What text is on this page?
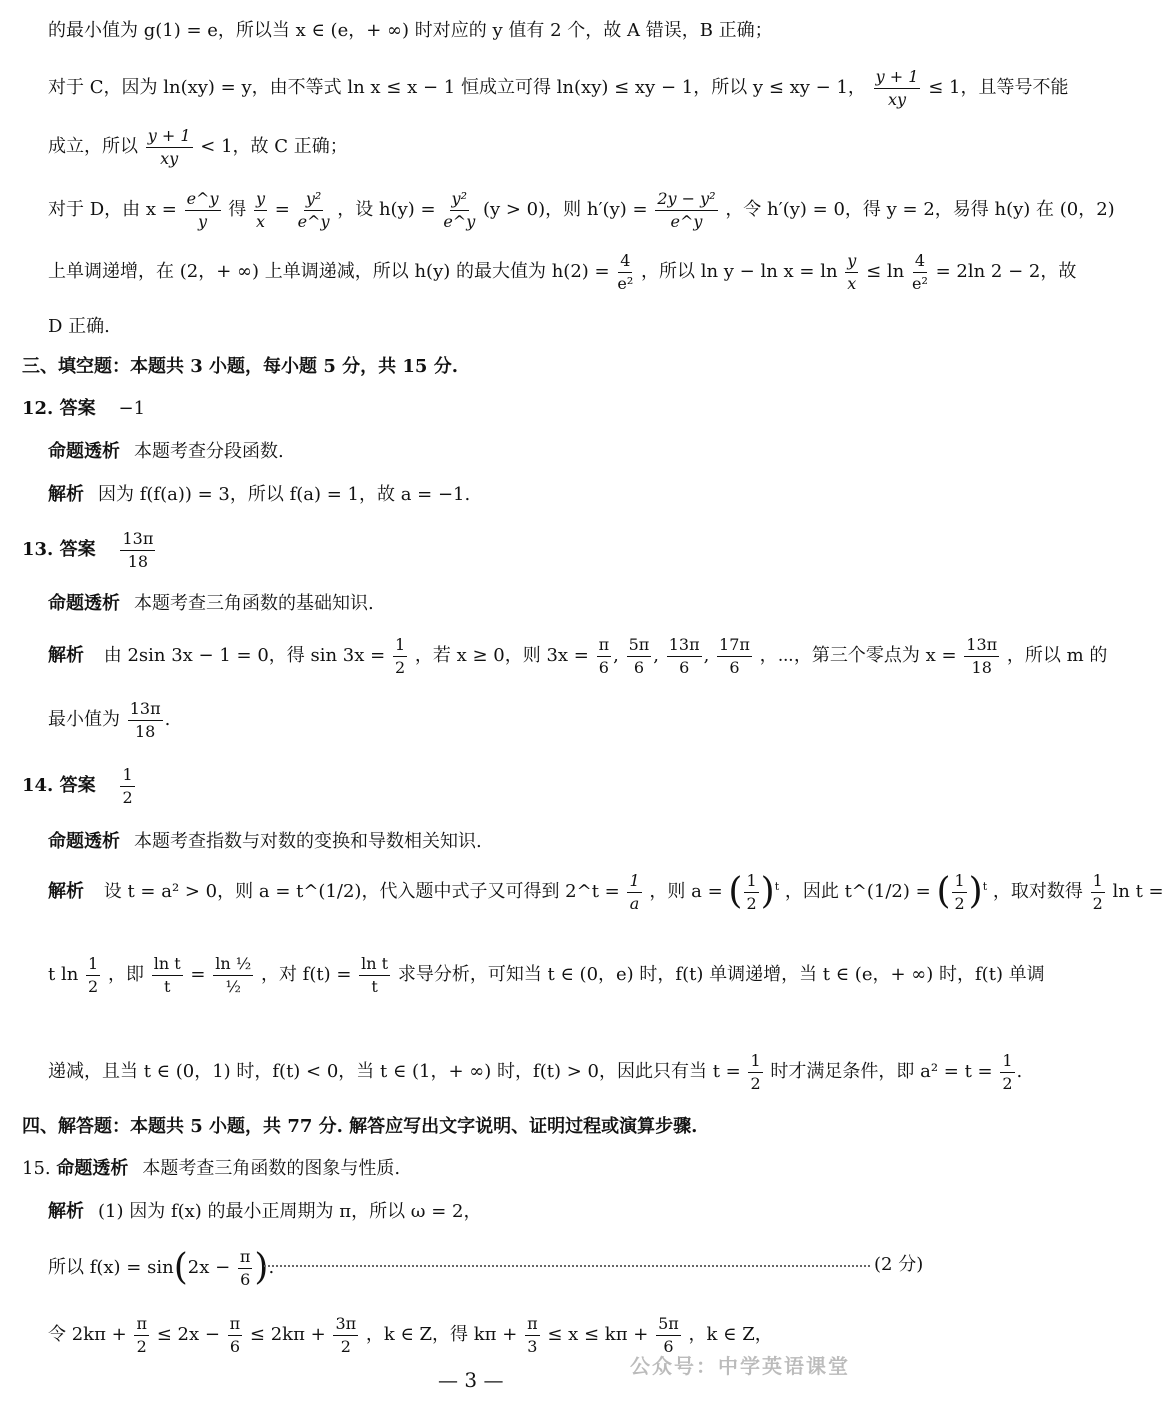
的最小值为 g(1) = e，所以当 x ∈ (e，+ ∞) 时对应的 y 值有 2 个，故 A 错误，B 正确；
对于 C，因为 ln(xy) = y，由不等式 ln x ≤ x − 1 恒成立可得 ln(xy) ≤ xy − 1，所以 y ≤ xy − 1， $\frac{y + 1}{xy} \le 1$，且等号不能
成立，所以 $\frac{y + 1}{xy} < 1$，故 C 正确；
对于 D，由 $x = \frac{e\^{}y}{y}$ 得 $\frac{y}{x} = \frac{\text{y²}}{e\^{}y}$ ，设 $h(y) = \frac{\text{y²}}{e\^{}y} (y > 0)$，则 $h'(y) = \frac{\text{2y − y²}}{e\^{}y}$ ，令 h′(y) = 0，得 y = 2，易得 h(y) 在 (0，2)
上单调递增，在 (2，+ ∞) 上单调递减，所以 h(y) 的最大值为 $h(2) = \frac{4}{\text{e²}}$ ，所以 $\ln y - \ln x = \ln \frac{y}{x} \le \ln \frac{4}{\text{e²}} = 2\ln$ 2 − 2，故
D 正确.
三、填空题：本题共 3 小题，每小题 5 分，共 15 分.
12. 答案 −1
命题透析 本题考查分段函数.
解析 因为 f(f(a)) = 3，所以 f(a) = 1，故 a = −1.
13. 答案 $\frac{13\pi}{18}$
命题透析 本题考查三角函数的基础知识.
解析 由 2sin 3x − 1 = 0，得 $\sin 3x = \frac{1}{2}$ ，若 x ≥ 0，则 $3x = \frac{\pi}{6}$ , $\frac{5\pi}{6}$ , $\frac{13\pi}{6}$ , $\frac{17\pi}{6}$ ，⋯，第三个零点为 $x = \frac{13\pi}{18}$ ，所以 m 的
最小值为 $\frac{13\pi}{18}$ .
14. 答案 $\frac{1}{2}$
命题透析 本题考查指数与对数的变换和导数相关知识.
解析 设 t = a² > 0，则 a = t^(1/2)，代入题中式子又可得到 2^t = $\frac{1}{a}$ ，则 a = ( $\frac{1}{2} )^t$ ，因此 t^(1/2) = ( $\frac{1}{2} )^t$ ，取对数得 $\frac{1}{2}$ ln t =
t $\ln \frac{1}{2}$ ，即 $\frac{\text{ln t}}{t} = \frac{\text{ln ½}}{\text{½}}$ ，对 $f(t) = \frac{\text{ln t}}{t}$ 求导分析，可知当 t ∈ (0，e) 时，f(t) 单调递增，当 t ∈ (e，+ ∞) 时，f(t) 单调
递减，且当 t ∈ (0，1) 时，f(t) < 0，当 t ∈ (1，+ ∞) 时，f(t) > 0，因此只有当 $t = \frac{1}{2}$ 时才满足条件，即 $a^2 = t = \frac{1}{2}$ .
四、解答题：本题共 5 小题，共 77 分. 解答应写出文字说明、证明过程或演算步骤.
15. 命题透析 本题考查三角函数的图象与性质.
解析 (1) 因为 f(x) 的最小正周期为 π，所以 ω = 2，
所以 $f(x) = \sin(2x - \frac{\pi}{6}$ ).	(2 分)
令 $2k\pi + \frac{\pi}{2} \le 2x - \frac{\pi}{6} \le 2k\pi + \frac{3\pi}{2}$ ，k ∈ Z，得 $k\pi + \frac{\pi}{3} \le x \le k\pi + \frac{5\pi}{6}$ ，k ∈ Z，
公众号：中学英语课堂
— 3 —
